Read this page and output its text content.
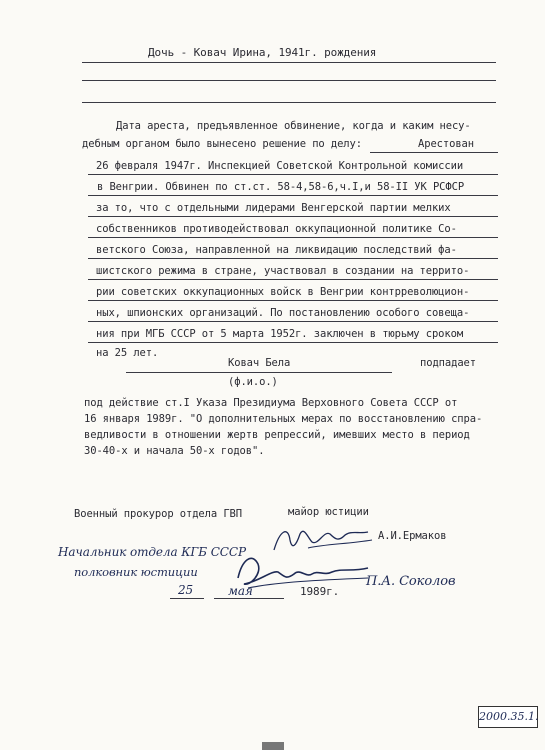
Дочь - Ковач Ирина, 1941г. рождения
Дата ареста, предъявленное обвинение, когда и каким несу-
дебным органом было вынесено решение по делу:	Арестован
26 февраля 1947г. Инспекцией Советской Контрольной комиссии
в Венгрии. Обвинен по ст.ст. 58-4,58-6,ч.I,и 58-II УК РСФСР
за то, что с отдельными лидерами Венгерской партии мелких
собственников противодействовал оккупационной политике Со-
ветского Союза, направленной на ликвидацию последствий фа-
шистского режима в стране, участвовал в создании на террито-
рии советских оккупационных войск в Венгрии контрреволюцион-
ных, шпионских организаций. По постановлению особого совеща-
ния при МГБ СССР от 5 марта 1952г. заключен в тюрьму сроком
на 25 лет.
Ковач Бела	подпадает
(ф.и.о.)
под действие ст.I Указа Президиума Верховного Совета СССР от
16 января 1989г. "О дополнительных мерах по восстановлению спра-
ведливости в отношении жертв репрессий, имевших место в период
30-40-х и начала 50-х годов".
Военный прокурор отдела ГВП	майор юстиции
А.И.Ермаков
Начальник отдела КГБ СССР
полковник юстиции
П.А. Соколов
25	мая	1989г.
2000.35.1.
